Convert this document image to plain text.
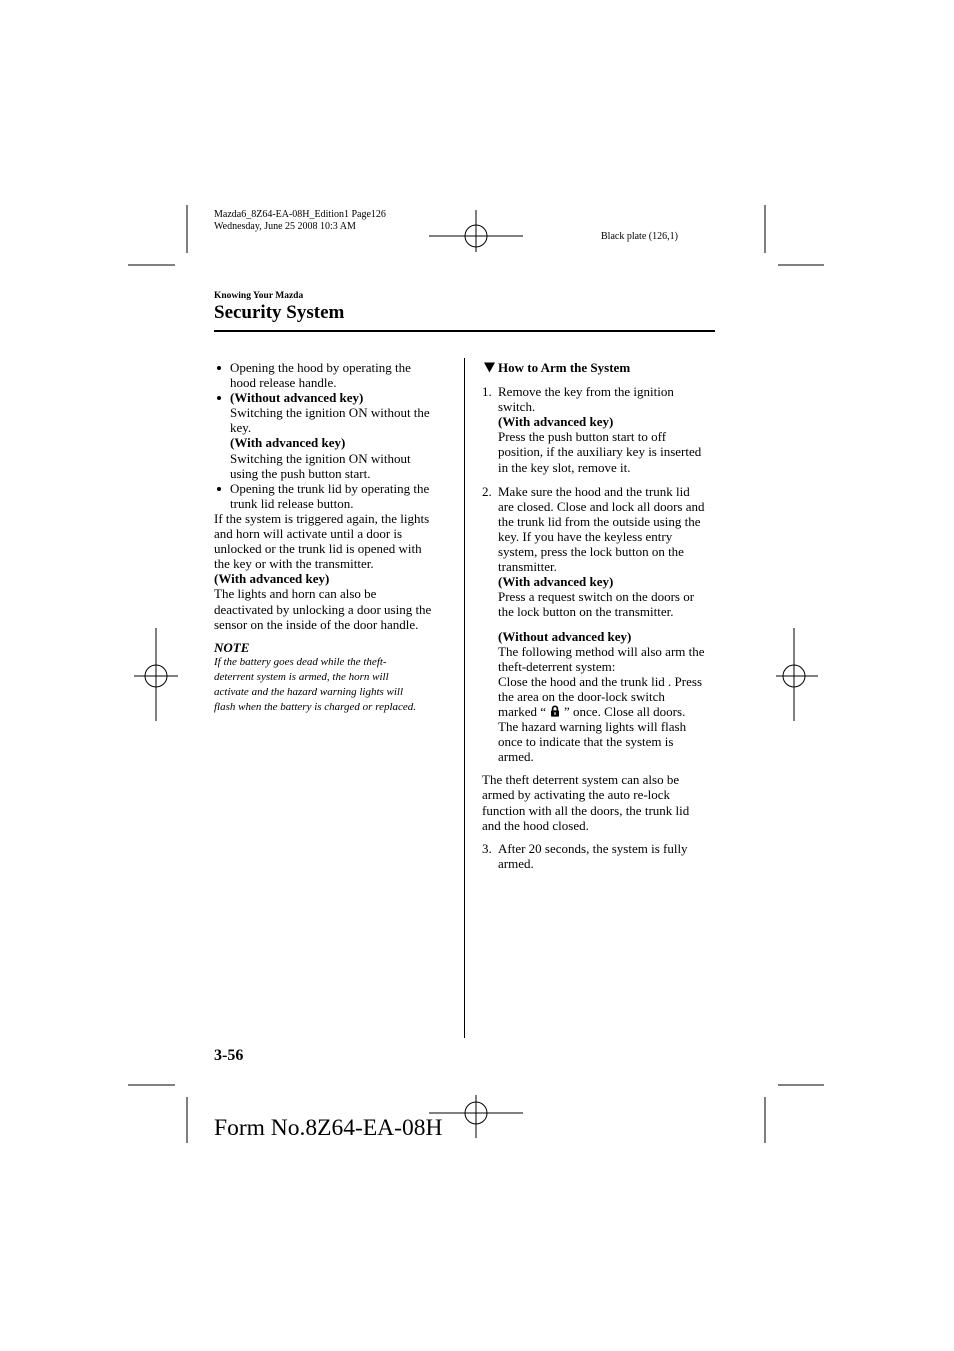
Mazda6_8Z64-EA-08H_Edition1 Page126
Wednesday, June 25 2008 10:3 AM
Black plate (126,1)
Knowing Your Mazda
Security System
Opening the hood by operating the
hood release handle.
(Without advanced key)
Switching the ignition ON without the
key.
(With advanced key)
Switching the ignition ON without
using the push button start.
Opening the trunk lid by operating the
trunk lid release button.
If the system is triggered again, the lights
and horn will activate until a door is
unlocked or the trunk lid is opened with
the key or with the transmitter.
(With advanced key)
The lights and horn can also be
deactivated by unlocking a door using the
sensor on the inside of the door handle.
NOTE
If the battery goes dead while the theft-
deterrent system is armed, the horn will
activate and the hazard warning lights will
flash when the battery is charged or replaced.
How to Arm the System
1. Remove the key from the ignition
switch.
(With advanced key)
Press the push button start to off
position, if the auxiliary key is inserted
in the key slot, remove it.
2. Make sure the hood and the trunk lid
are closed. Close and lock all doors and
the trunk lid from the outside using the
key. If you have the keyless entry
system, press the lock button on the
transmitter.
(With advanced key)
Press a request switch on the doors or
the lock button on the transmitter.
(Without advanced key)
The following method will also arm the
theft-deterrent system:
Close the hood and the trunk lid . Press
the area on the door-lock switch
marked “ ” once. Close all doors.
The hazard warning lights will flash
once to indicate that the system is
armed.
The theft deterrent system can also be
armed by activating the auto re-lock
function with all the doors, the trunk lid
and the hood closed.
3. After 20 seconds, the system is fully
armed.
3-56
Form No.8Z64-EA-08H
